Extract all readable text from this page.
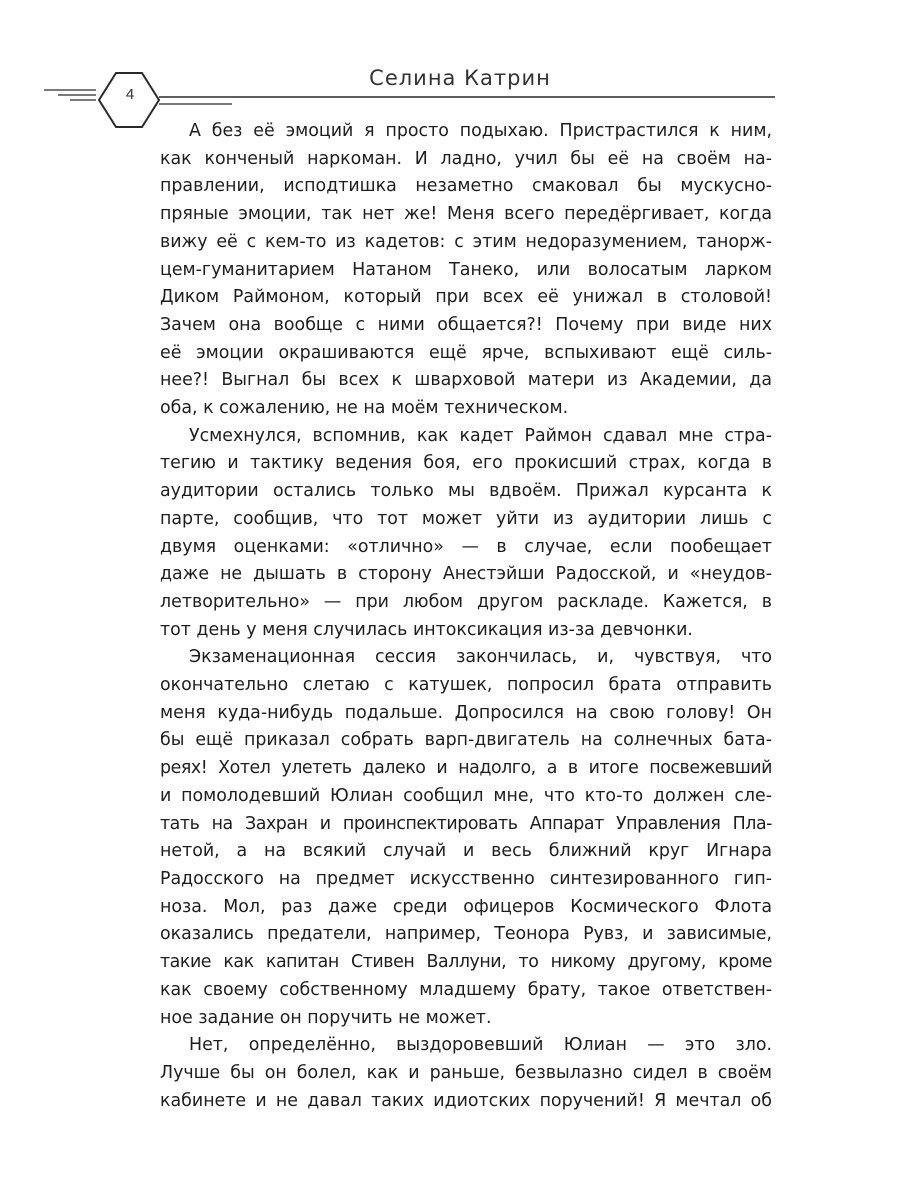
4
Селина Катрин
А без её эмоций я просто подыхаю. Пристрастился к ним,
как конченый наркоман. И ладно, учил бы её на своём на-
правлении, исподтишка незаметно смаковал бы мускусно-
пряные эмоции, так нет же! Меня всего передёргивает, когда
вижу её с кем-то из кадетов: с этим недоразумением, танорж-
цем-гуманитарием Натаном Танеко, или волосатым ларком
Диком Раймоном, который при всех её унижал в столовой!
Зачем она вообще с ними общается?! Почему при виде них
её эмоции окрашиваются ещё ярче, вспыхивают ещё силь-
нее?! Выгнал бы всех к шварховой матери из Академии, да
оба, к сожалению, не на моём техническом.
Усмехнулся, вспомнив, как кадет Раймон сдавал мне стра-
тегию и тактику ведения боя, его прокисший страх, когда в
аудитории остались только мы вдвоём. Прижал курсанта к
парте, сообщив, что тот может уйти из аудитории лишь с
двумя оценками: «отлично» — в случае, если пообещает
даже не дышать в сторону Анестэйши Радосской, и «неудов-
летворительно» — при любом другом раскладе. Кажется, в
тот день у меня случилась интоксикация из-за девчонки.
Экзаменационная сессия закончилась, и, чувствуя, что
окончательно слетаю с катушек, попросил брата отправить
меня куда-нибудь подальше. Допросился на свою голову! Он
бы ещё приказал собрать варп-двигатель на солнечных бата-
реях! Хотел улететь далеко и надолго, а в итоге посвежевший
и помолодевший Юлиан сообщил мне, что кто-то должен сле-
тать на Захран и проинспектировать Аппарат Управления Пла-
нетой, а на всякий случай и весь ближний круг Игнара
Радосского на предмет искусственно синтезированного гип-
ноза. Мол, раз даже среди офицеров Космического Флота
оказались предатели, например, Теонора Рувз, и зависимые,
такие как капитан Стивен Валлуни, то никому другому, кроме
как своему собственному младшему брату, такое ответствен-
ное задание он поручить не может.
Нет, определённо, выздоровевший Юлиан — это зло.
Лучше бы он болел, как и раньше, безвылазно сидел в своём
кабинете и не давал таких идиотских поручений! Я мечтал об
